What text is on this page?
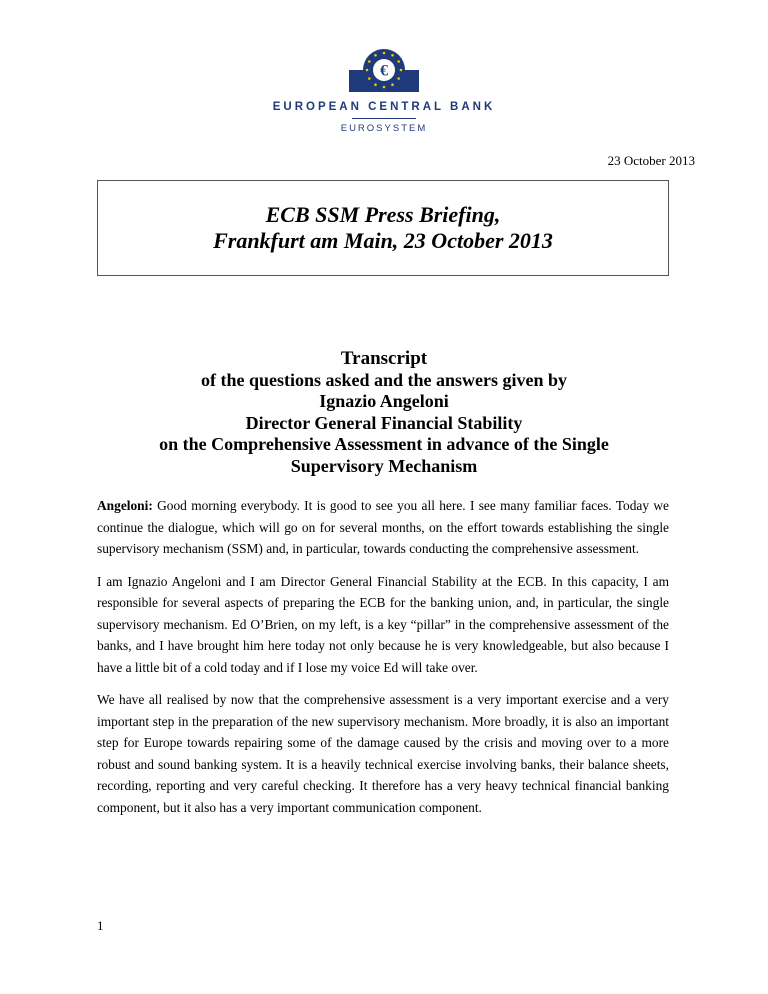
€
EUROPEAN CENTRAL BANK
EUROSYSTEM
23 October 2013
ECB SSM Press Briefing,
Frankfurt am Main, 23 October 2013
Transcript
of the questions asked and the answers given by
Ignazio Angeloni
Director General Financial Stability
on the Comprehensive Assessment in advance of the Single
Supervisory Mechanism

Angeloni: Good morning everybody. It is good to see you all here. I see many familiar faces. Today we continue the dialogue, which will go on for several months, on the effort towards establishing the single supervisory mechanism (SSM) and, in particular, towards conducting the comprehensive assessment.

I am Ignazio Angeloni and I am Director General Financial Stability at the ECB. In this capacity, I am responsible for several aspects of preparing the ECB for the banking union, and, in particular, the single supervisory mechanism. Ed O’Brien, on my left, is a key “pillar” in the comprehensive assessment of the banks, and I have brought him here today not only because he is very knowledgeable, but also because I have a little bit of a cold today and if I lose my voice Ed will take over.

We have all realised by now that the comprehensive assessment is a very important exercise and a very important step in the preparation of the new supervisory mechanism. More broadly, it is also an important step for Europe towards repairing some of the damage caused by the crisis and moving over to a more robust and sound banking system. It is a heavily technical exercise involving banks, their balance sheets, recording, reporting and very careful checking. It therefore has a very heavy technical financial banking component, but it also has a very important communication component.

1
